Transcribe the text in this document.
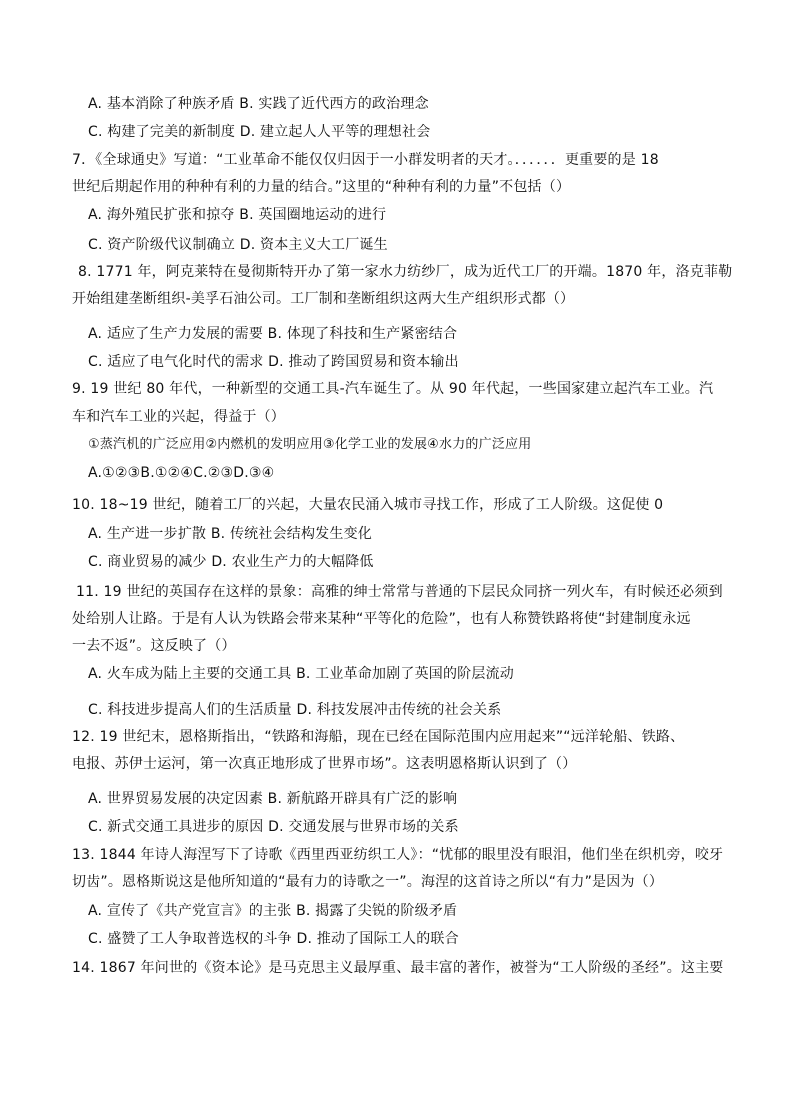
A. 基本消除了种族矛盾 B. 实践了近代西方的政治理念
C. 构建了完美的新制度 D. 建立起人人平等的理想社会
7．《全球通史》写道：“工业革命不能仅仅归因于一小群发明者的天才。．．．．．．更重要的是 18
世纪后期起作用的种种有利的力量的结合。”这里的“种种有利的力量”不包括（）
A. 海外殖民扩张和掠夺 B. 英国圈地运动的进行
C. 资产阶级代议制确立 D. 资本主义大工厂诞生
8. 1771 年，阿克莱特在曼彻斯特开办了第一家水力纺纱厂，成为近代工厂的开端。1870 年，洛克菲勒
开始组建垄断组织-美孚石油公司。工厂制和垄断组织这两大生产组织形式都（）
A. 适应了生产力发展的需要 B. 体现了科技和生产紧密结合
C. 适应了电气化时代的需求 D. 推动了跨国贸易和资本输出
9. 19 世纪 80 年代，一种新型的交通工具-汽车诞生了。从 90 年代起，一些国家建立起汽车工业。汽
车和汽车工业的兴起，得益于（）
①蒸汽机的广泛应用②内燃机的发明应用③化学工业的发展④水力的广泛应用
A.①②③B.①②④C.②③D.③④
10. 18~19 世纪，随着工厂的兴起，大量农民涌入城市寻找工作，形成了工人阶级。这促使 0
A. 生产进一步扩散 B. 传统社会结构发生变化
C. 商业贸易的减少 D. 农业生产力的大幅降低
11. 19 世纪的英国存在这样的景象：高雅的绅士常常与普通的下层民众同挤一列火车，有时候还必须到
处给别人让路。于是有人认为铁路会带来某种“平等化的危险”，也有人称赞铁路将使“封建制度永远
一去不返”。这反映了（）
A. 火车成为陆上主要的交通工具 B. 工业革命加剧了英国的阶层流动
C. 科技进步提高人们的生活质量 D. 科技发展冲击传统的社会关系
12. 19 世纪末，恩格斯指出，“铁路和海船，现在已经在国际范围内应用起来”“远洋轮船、铁路、
电报、苏伊士运河，第一次真正地形成了世界市场”。这表明恩格斯认识到了（）
A. 世界贸易发展的决定因素 B. 新航路开辟具有广泛的影响
C. 新式交通工具进步的原因 D. 交通发展与世界市场的关系
13. 1844 年诗人海涅写下了诗歌《西里西亚纺织工人》：“忧郁的眼里没有眼泪，他们坐在织机旁，咬牙
切齿”。恩格斯说这是他所知道的“最有力的诗歌之一”。海涅的这首诗之所以“有力”是因为（）
A. 宣传了《共产党宣言》的主张 B. 揭露了尖锐的阶级矛盾
C. 盛赞了工人争取普选权的斗争 D. 推动了国际工人的联合
14. 1867 年问世的《资本论》是马克思主义最厚重、最丰富的著作，被誉为“工人阶级的圣经”。这主要
